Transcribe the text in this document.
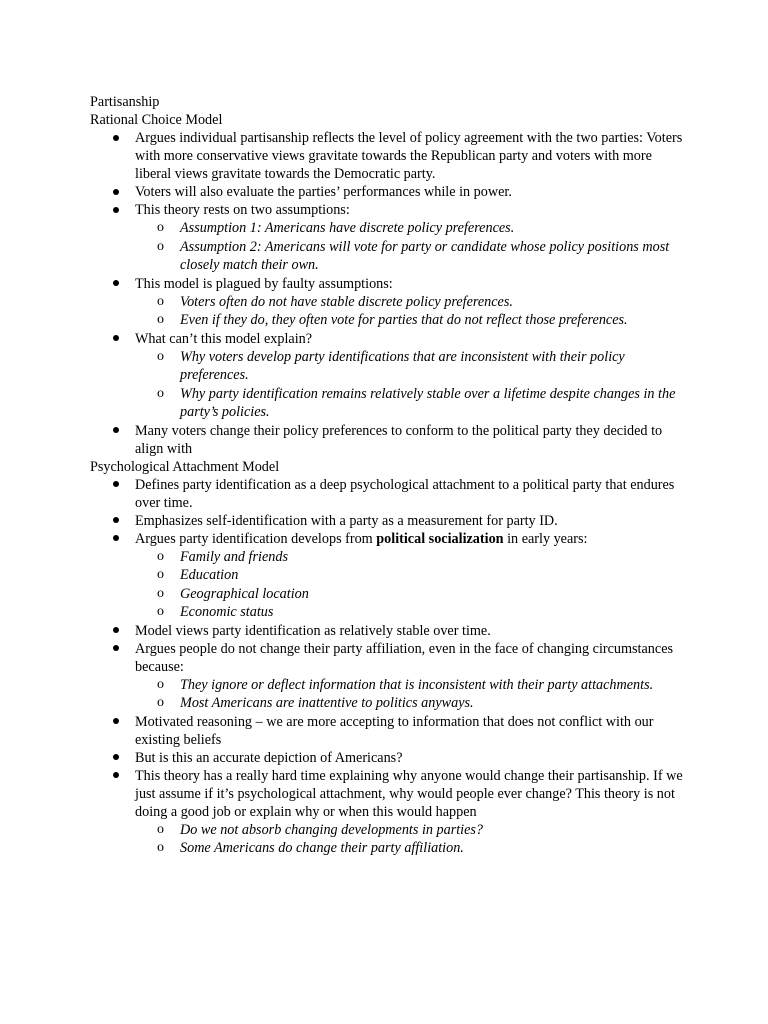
Partisanship

Rational Choice Model

Argues individual partisanship reflects the level of policy agreement with the two parties: Voters with more conservative views gravitate towards the Republican party and voters with more liberal views gravitate towards the Democratic party.
Voters will also evaluate the parties’ performances while in power.
This theory rests on two assumptions:
o Assumption 1: Americans have discrete policy preferences.
o Assumption 2: Americans will vote for party or candidate whose policy positions most closely match their own.
This model is plagued by faulty assumptions:
o Voters often do not have stable discrete policy preferences.
o Even if they do, they often vote for parties that do not reflect those preferences.
What can’t this model explain?
o Why voters develop party identifications that are inconsistent with their policy preferences.
o Why party identification remains relatively stable over a lifetime despite changes in the party’s policies.
Many voters change their policy preferences to conform to the political party they decided to align with

Psychological Attachment Model

Defines party identification as a deep psychological attachment to a political party that endures over time.
Emphasizes self-identification with a party as a measurement for party ID.
Argues party identification develops from political socialization in early years:
o Family and friends
o Education
o Geographical location
o Economic status
Model views party identification as relatively stable over time.
Argues people do not change their party affiliation, even in the face of changing circumstances because:
o They ignore or deflect information that is inconsistent with their party attachments.
o Most Americans are inattentive to politics anyways.
Motivated reasoning – we are more accepting to information that does not conflict with our existing beliefs
But is this an accurate depiction of Americans?
This theory has a really hard time explaining why anyone would change their partisanship. If we just assume if it’s psychological attachment, why would people ever change? This theory is not doing a good job or explain why or when this would happen
o Do we not absorb changing developments in parties?
o Some Americans do change their party affiliation.
